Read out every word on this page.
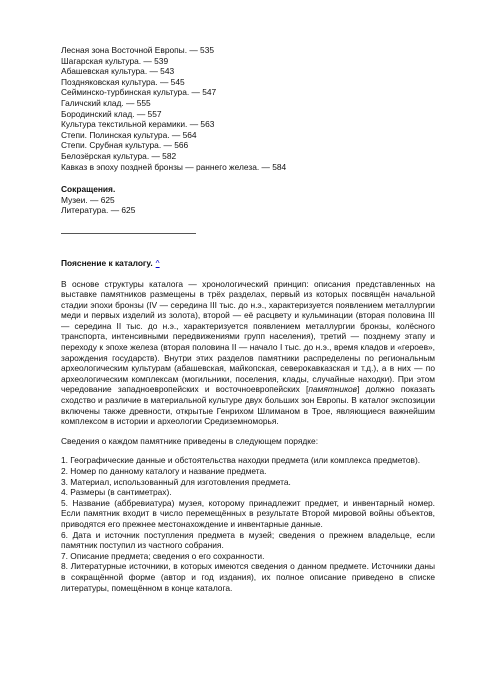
Лесная зона Восточной Европы. — 535
Шагарская культура. — 539
Абашевская культура. — 543
Поздняковская культура. — 545
Сейминско-турбинская культура. — 547
Галичский клад. — 555
Бородинский клад. — 557
Культура текстильной керамики. — 563
Степи. Полинская культура. — 564
Степи. Срубная культура. — 566
Белозёрская культура. — 582
Кавказ в эпоху поздней бронзы — раннего железа. — 584
Сокращения.
Музеи. — 625
Литература. — 625
Пояснение к каталогу. ^

В основе структуры каталога — хронологический принцип: описания представленных на выставке памятников размещены в трёх разделах, первый из которых посвящён начальной стадии эпохи бронзы (IV — середина III тыс. до н.э., характеризуется появлением металлургии меди и первых изделий из золота), второй — её расцвету и кульминации (вторая половина III — середина II тыс. до н.э., характеризуется появлением металлургии бронзы, колёсного транспорта, интенсивными передвижениями групп населения), третий — позднему этапу и переходу к эпохе железа (вторая половина II — начало I тыс. до н.э., время кладов и «героев», зарождения государств). Внутри этих разделов памятники распределены по региональным археологическим культурам (абашевская, майкопская, северокавказская и т.д.), а в них — по археологическим комплексам (могильники, поселения, клады, случайные находки). При этом чередование западноевропейских и восточноевропейских [памятников] должно показать сходство и различие в материальной культуре двух больших зон Европы. В каталог экспозиции включены также древности, открытые Генрихом Шлиманом в Трое, являющиеся важнейшим комплексом в истории и археологии Средиземноморья.

Сведения о каждом памятнике приведены в следующем порядке:

1. Географические данные и обстоятельства находки предмета (или комплекса предметов).
2. Номер по данному каталогу и название предмета.
3. Материал, использованный для изготовления предмета.
4. Размеры (в сантиметрах).
5. Название (аббревиатура) музея, которому принадлежит предмет, и инвентарный номер. Если памятник входит в число перемещённых в результате Второй мировой войны объектов, приводятся его прежнее местонахождение и инвентарные данные.
6. Дата и источник поступления предмета в музей; сведения о прежнем владельце, если памятник поступил из частного собрания.
7. Описание предмета; сведения о его сохранности.
8. Литературные источники, в которых имеются сведения о данном предмете. Источники даны в сокращённой форме (автор и год издания), их полное описание приведено в списке литературы, помещённом в конце каталога.
